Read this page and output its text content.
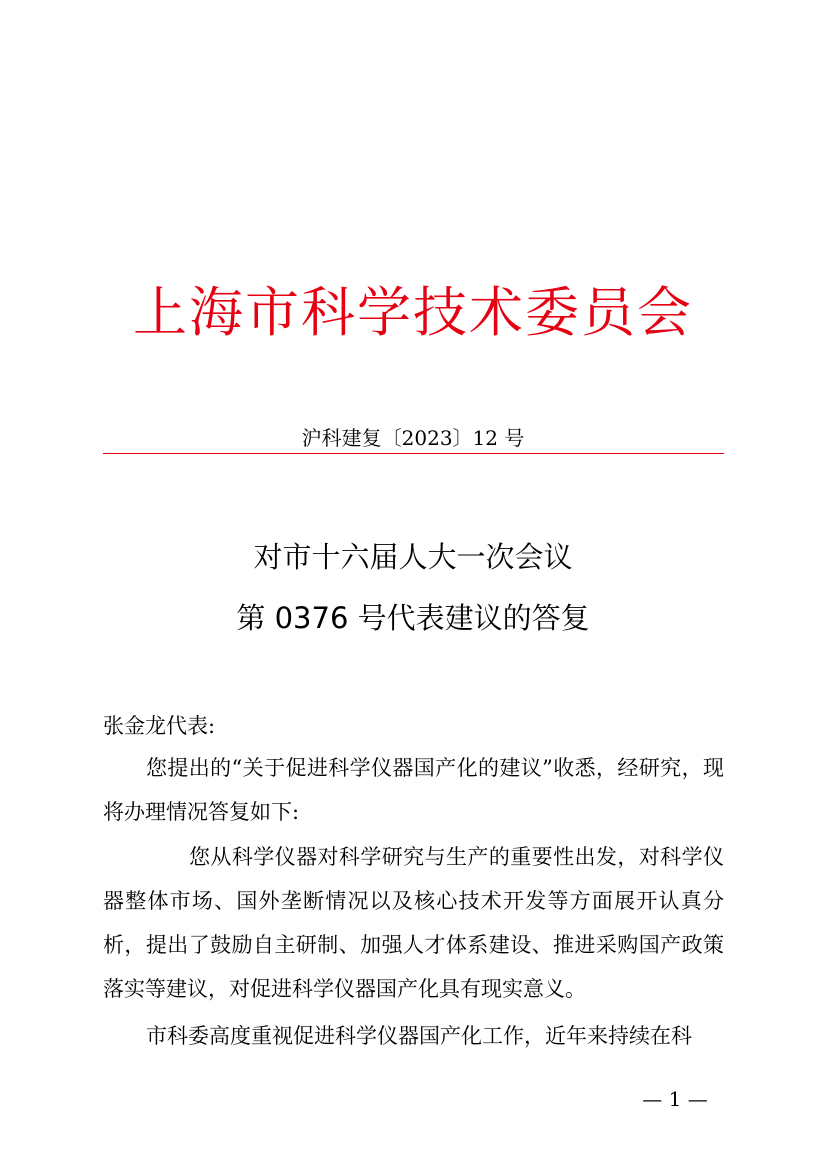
上海市科学技术委员会
沪科建复〔2023〕12 号
对市十六届人大一次会议
第 0376 号代表建议的答复

张金龙代表:

您提出的“关于促进科学仪器国产化的建议”收悉，经研究，现将办理情况答复如下:

您从科学仪器对科学研究与生产的重要性出发，对科学仪器整体市场、国外垄断情况以及核心技术开发等方面展开认真分析，提出了鼓励自主研制、加强人才体系建设、推进采购国产政策落实等建议，对促进科学仪器国产化具有现实意义。

市科委高度重视促进科学仪器国产化工作，近年来持续在科

— 1 —
